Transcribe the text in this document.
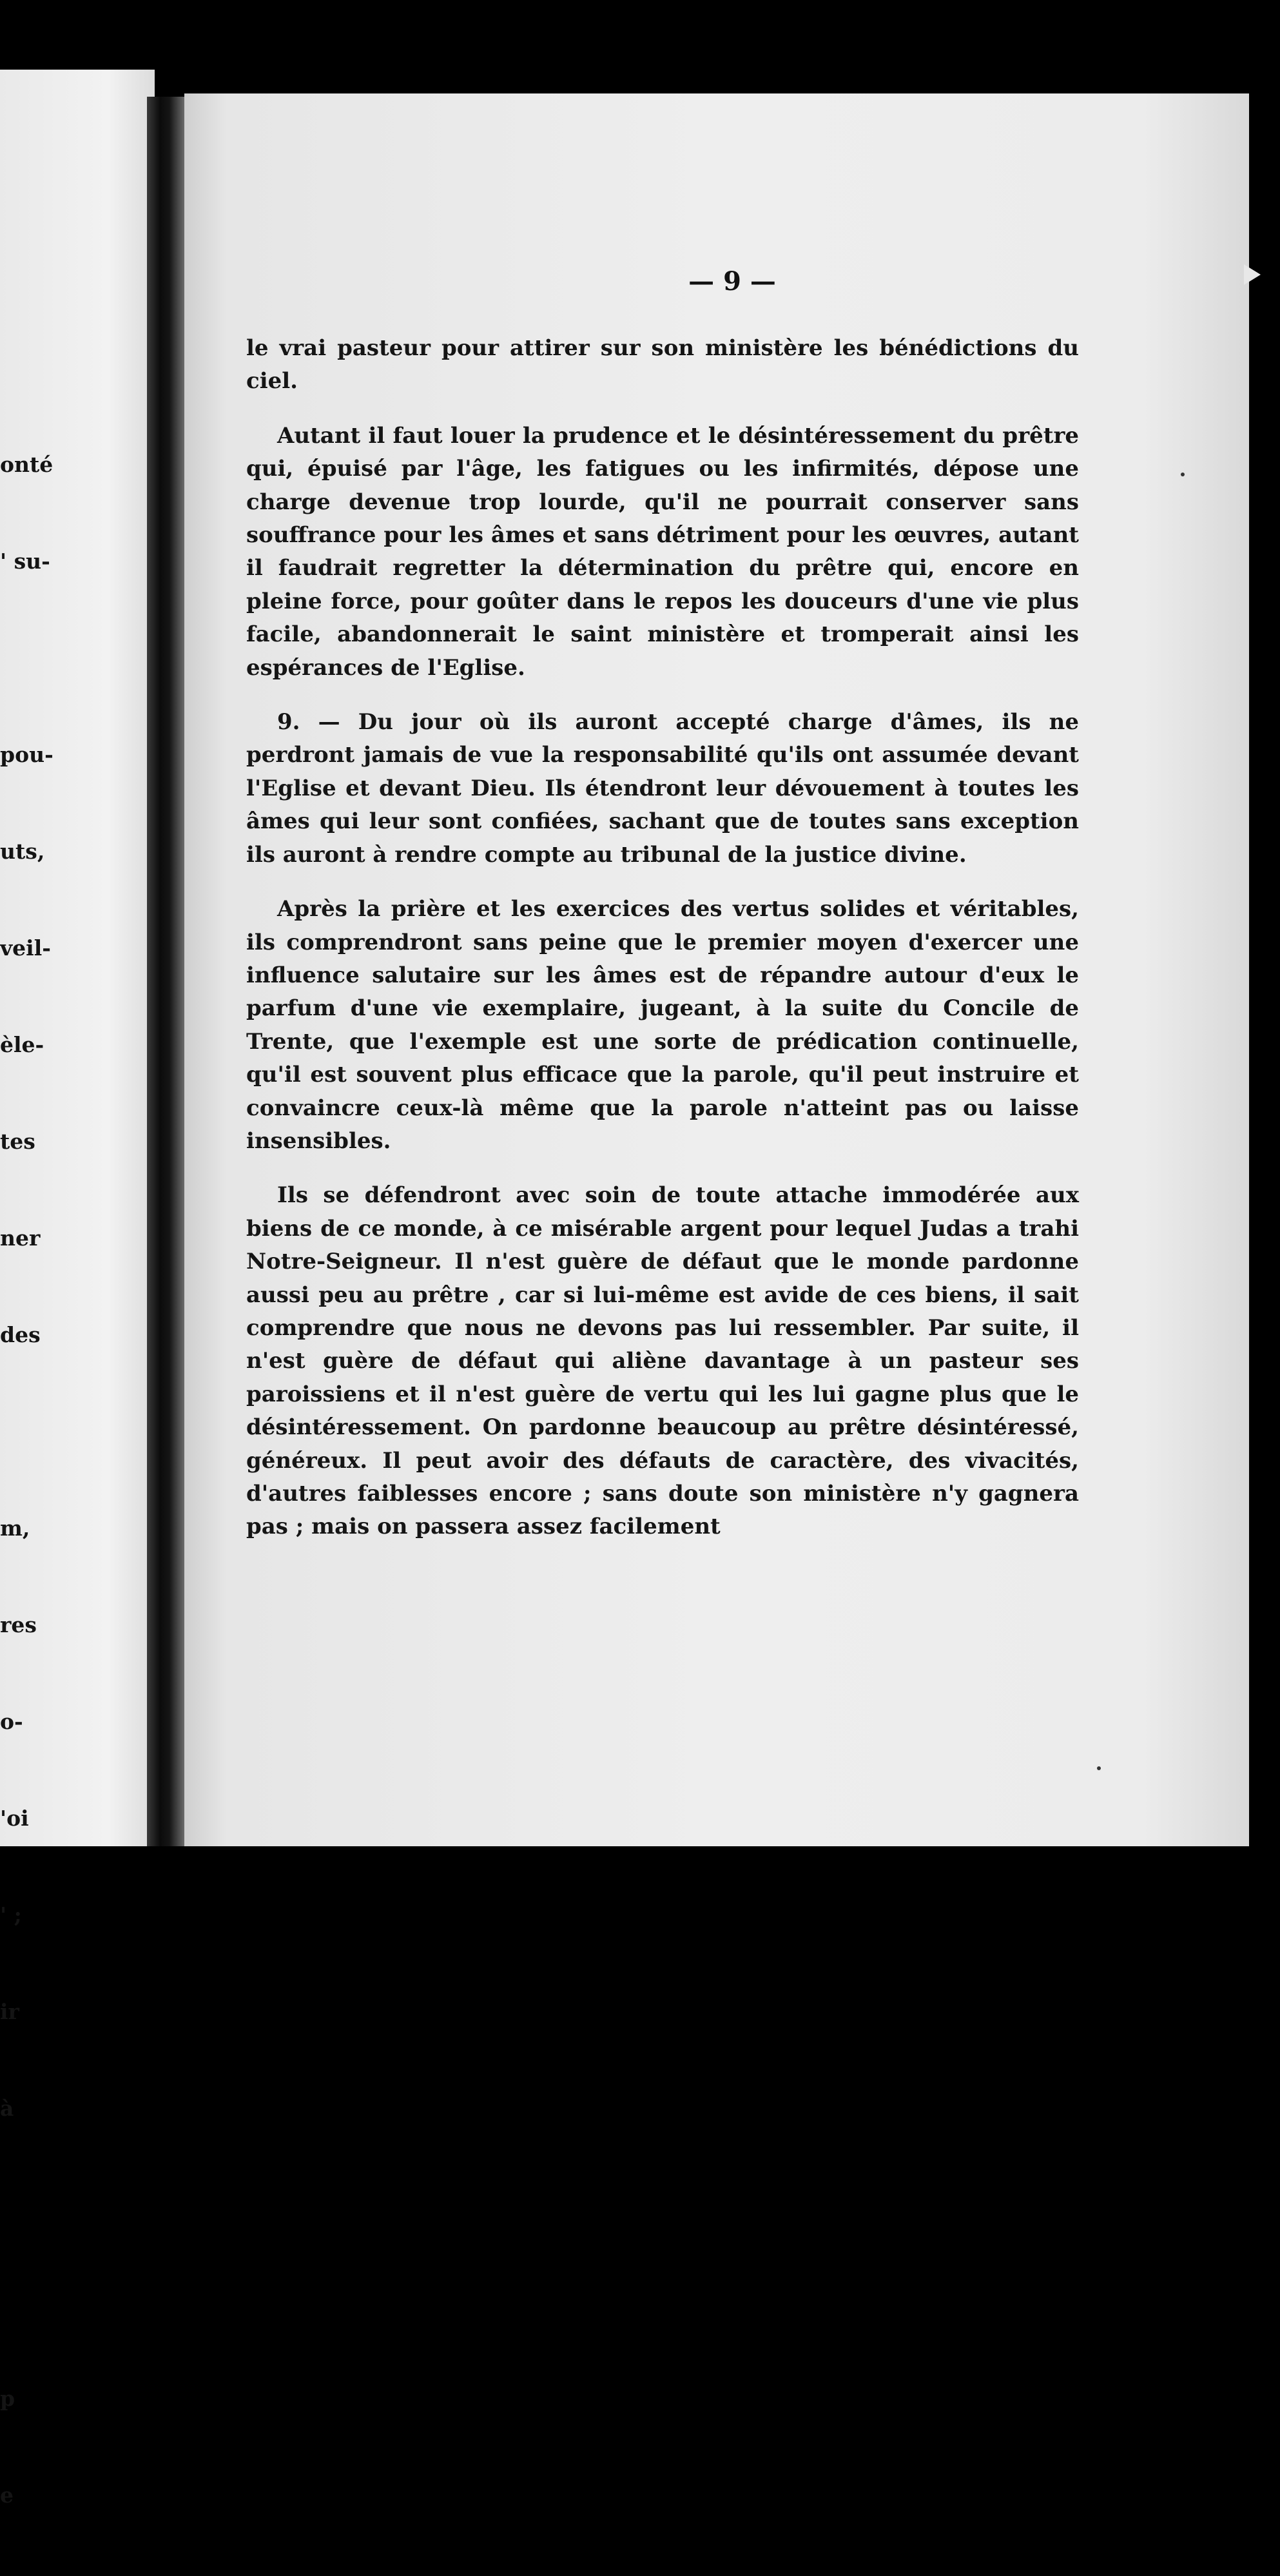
onté

' su-

pou-

uts,

veil-

èle-

tes

ner

des

m,

res

o-

'oi

' ;

ir

à

p

e

— 9 —

le vrai pasteur pour attirer sur son ministère les bénédictions du ciel.

Autant il faut louer la prudence et le désintéressement du prêtre qui, épuisé par l'âge, les fatigues ou les infirmités, dépose une charge devenue trop lourde, qu'il ne pourrait conserver sans souffrance pour les âmes et sans détriment pour les œuvres, autant il faudrait regretter la détermination du prêtre qui, encore en pleine force, pour goûter dans le repos les douceurs d'une vie plus facile, abandonnerait le saint ministère et tromperait ainsi les espérances de l'Eglise.

9. — Du jour où ils auront accepté charge d'âmes, ils ne perdront jamais de vue la responsabilité qu'ils ont assumée devant l'Eglise et devant Dieu. Ils étendront leur dévouement à toutes les âmes qui leur sont confiées, sachant que de toutes sans exception ils auront à rendre compte au tribunal de la justice divine.

Après la prière et les exercices des vertus solides et véritables, ils comprendront sans peine que le premier moyen d'exercer une influence salutaire sur les âmes est de répandre autour d'eux le parfum d'une vie exemplaire, jugeant, à la suite du Concile de Trente, que l'exemple est une sorte de prédication continuelle, qu'il est souvent plus efficace que la parole, qu'il peut instruire et convaincre ceux-là même que la parole n'atteint pas ou laisse insensibles.

Ils se défendront avec soin de toute attache immodérée aux biens de ce monde, à ce misérable argent pour lequel Judas a trahi Notre-Seigneur. Il n'est guère de défaut que le monde pardonne aussi peu au prêtre , car si lui-même est avide de ces biens, il sait comprendre que nous ne devons pas lui ressembler. Par suite, il n'est guère de défaut qui aliène davantage à un pasteur ses paroissiens et il n'est guère de vertu qui les lui gagne plus que le désintéressement. On pardonne beaucoup au prêtre désintéressé, généreux. Il peut avoir des défauts de caractère, des vivacités, d'autres faiblesses encore ; sans doute son ministère n'y gagnera pas ; mais on passera assez facilement
